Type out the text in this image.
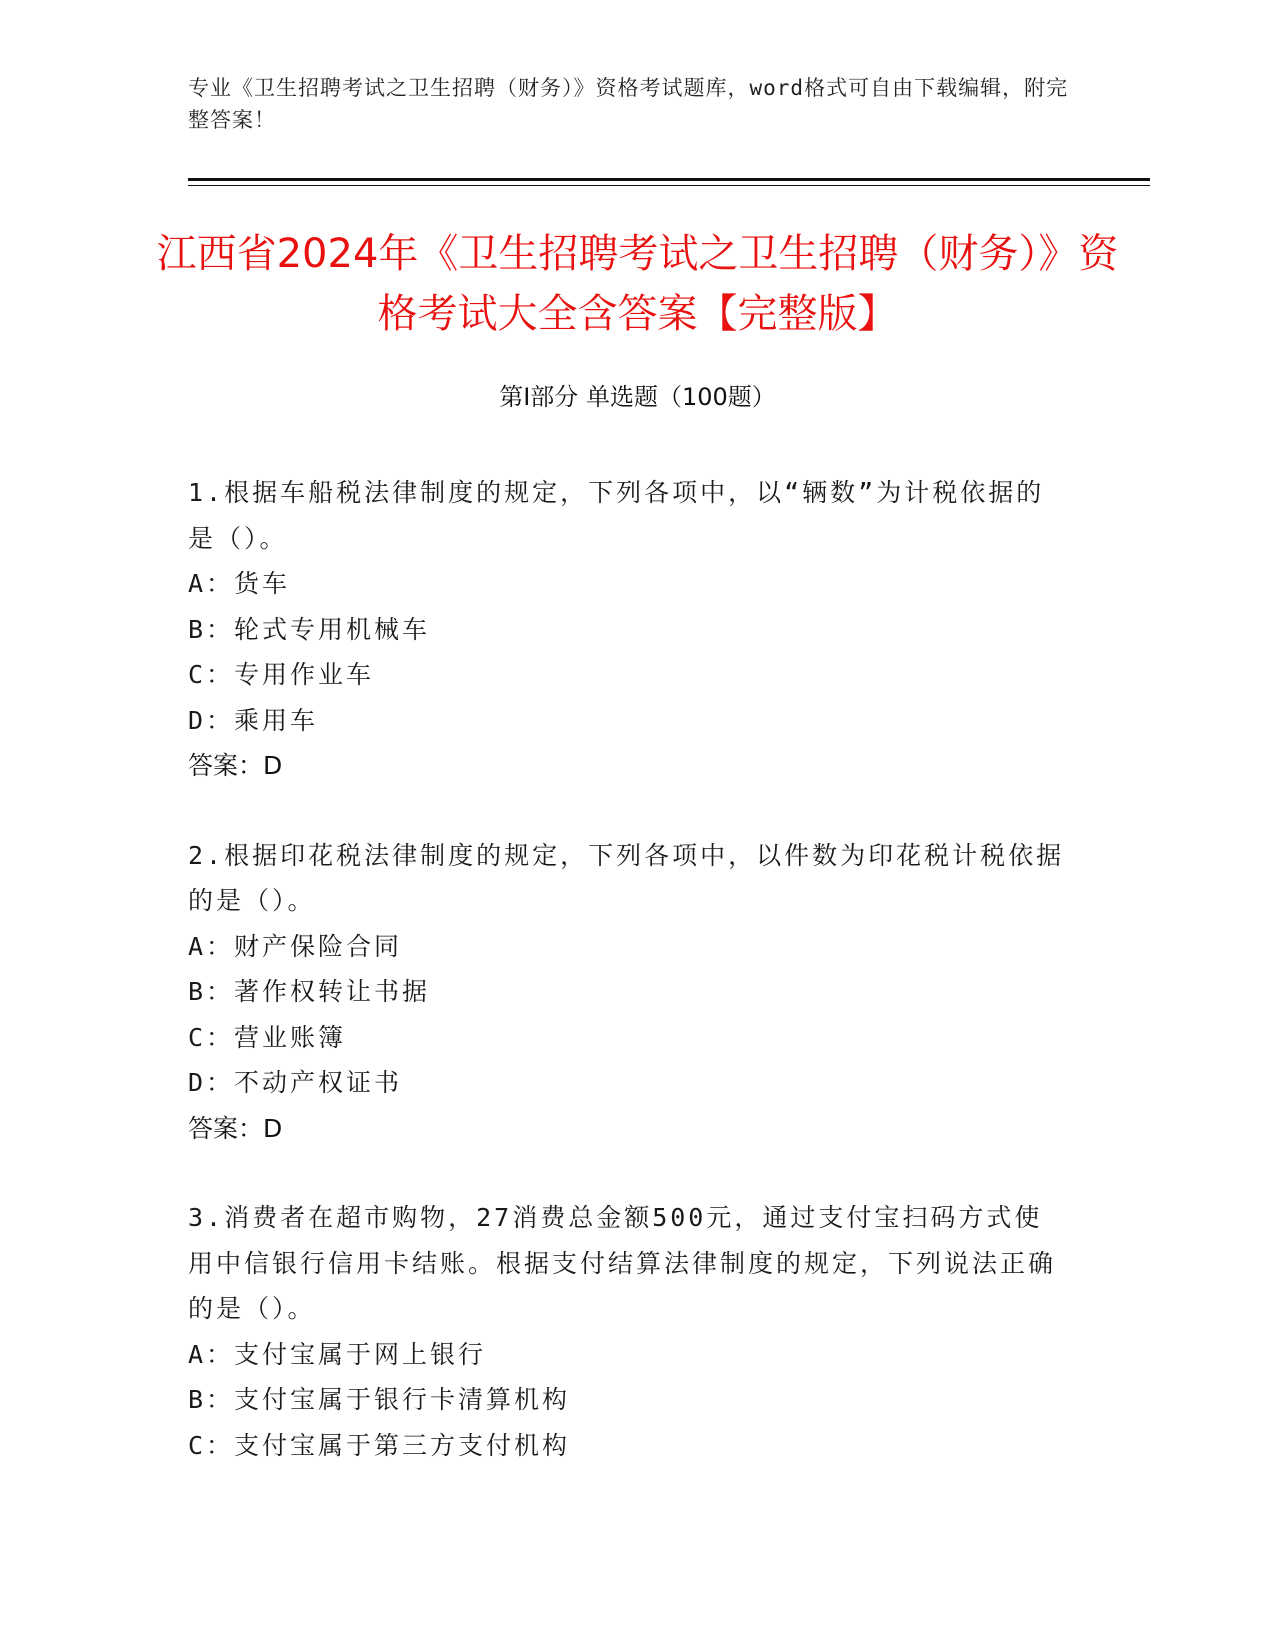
专业《卫生招聘考试之卫生招聘（财务）》资格考试题库，word格式可自由下载编辑，附完整答案！
江西省2024年《卫生招聘考试之卫生招聘（财务）》资格考试大全含答案【完整版】
第Ⅰ部分 单选题（100题）
1.根据车船税法律制度的规定，下列各项中，以“辆数”为计税依据的是（）。
A：货车
B：轮式专用机械车
C：专用作业车
D：乘用车
答案：D
2.根据印花税法律制度的规定，下列各项中，以件数为印花税计税依据的是（）。
A：财产保险合同
B：著作权转让书据
C：营业账簿
D：不动产权证书
答案：D
3.消费者在超市购物，27消费总金额500元，通过支付宝扫码方式使用中信银行信用卡结账。根据支付结算法律制度的规定，下列说法正确的是（）。
A：支付宝属于网上银行
B：支付宝属于银行卡清算机构
C：支付宝属于第三方支付机构
